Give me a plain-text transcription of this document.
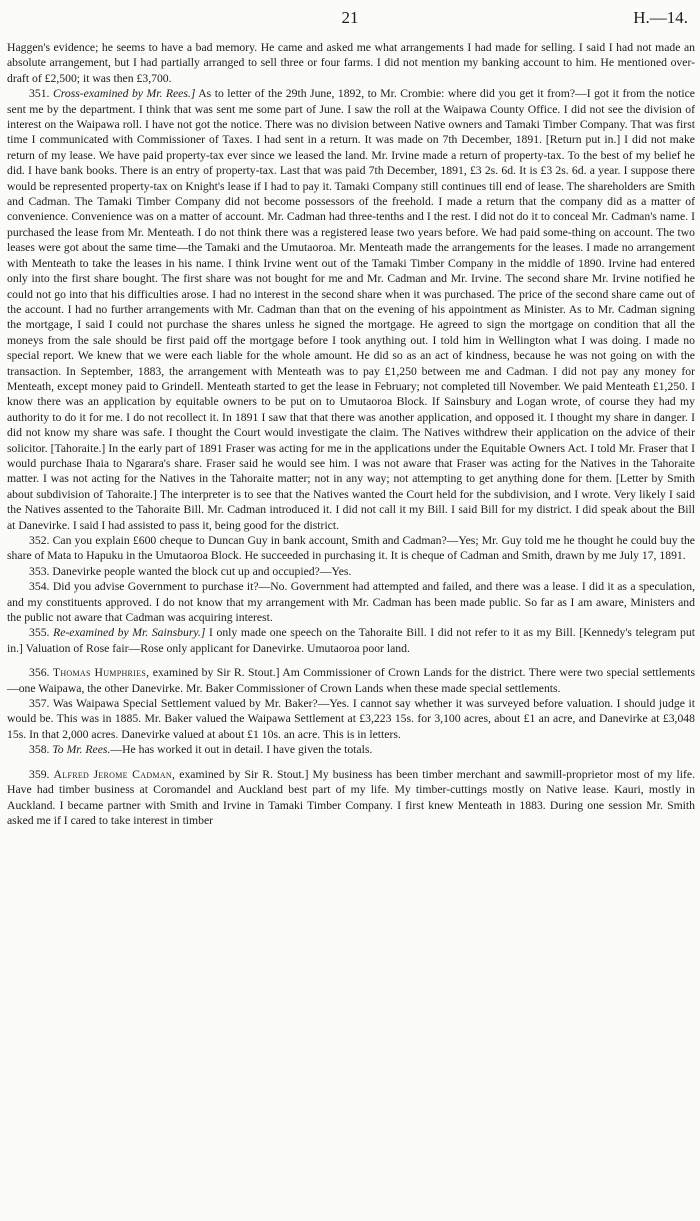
21	H.—14.

Haggen's evidence; he seems to have a bad memory. He came and asked me what arrangements I had made for selling. I said I had not made an absolute arrangement, but I had partially arranged to sell three or four farms. I did not mention my banking account to him. He mentioned over-draft of £2,500; it was then £3,700.

351. Cross-examined by Mr. Rees.] As to letter of the 29th June, 1892, to Mr. Crombie: where did you get it from?—I got it from the notice sent me by the department. I think that was sent me some part of June. I saw the roll at the Waipawa County Office. I did not see the division of interest on the Waipawa roll. I have not got the notice. There was no division between Native owners and Tamaki Timber Company. That was first time I communicated with Commissioner of Taxes. I had sent in a return. It was made on 7th December, 1891. [Return put in.] I did not make return of my lease. We have paid property-tax ever since we leased the land. Mr. Irvine made a return of property-tax. To the best of my belief he did. I have bank books. There is an entry of property-tax. Last that was paid 7th December, 1891, £3 2s. 6d. It is £3 2s. 6d. a year. I suppose there would be represented property-tax on Knight's lease if I had to pay it. Tamaki Company still continues till end of lease. The shareholders are Smith and Cadman. The Tamaki Timber Company did not become possessors of the freehold. I made a return that the company did as a matter of convenience. Convenience was on a matter of account. Mr. Cadman had three-tenths and I the rest. I did not do it to conceal Mr. Cadman's name. I purchased the lease from Mr. Menteath. I do not think there was a registered lease two years before. We had paid some-thing on account. The two leases were got about the same time—the Tamaki and the Umutaoroa. Mr. Menteath made the arrangements for the leases. I made no arrangement with Menteath to take the leases in his name. I think Irvine went out of the Tamaki Timber Company in the middle of 1890. Irvine had entered only into the first share bought. The first share was not bought for me and Mr. Cadman and Mr. Irvine. The second share Mr. Irvine notified he could not go into that his difficulties arose. I had no interest in the second share when it was purchased. The price of the second share came out of the account. I had no further arrangements with Mr. Cadman than that on the evening of his appointment as Minister. As to Mr. Cadman signing the mortgage, I said I could not purchase the shares unless he signed the mortgage. He agreed to sign the mortgage on condition that all the moneys from the sale should be first paid off the mortgage before I took anything out. I told him in Wellington what I was doing. I made no special report. We knew that we were each liable for the whole amount. He did so as an act of kindness, because he was not going on with the transaction. In September, 1883, the arrangement with Menteath was to pay £1,250 between me and Cadman. I did not pay any money for Menteath, except money paid to Grindell. Menteath started to get the lease in February; not completed till November. We paid Menteath £1,250. I know there was an application by equitable owners to be put on to Umutaoroa Block. If Sainsbury and Logan wrote, of course they had my authority to do it for me. I do not recollect it. In 1891 I saw that that there was another application, and opposed it. I thought my share in danger. I did not know my share was safe. I thought the Court would investigate the claim. The Natives withdrew their application on the advice of their solicitor. [Tahoraite.] In the early part of 1891 Fraser was acting for me in the applications under the Equitable Owners Act. I told Mr. Fraser that I would purchase Ihaia to Ngarara's share. Fraser said he would see him. I was not aware that Fraser was acting for the Natives in the Tahoraite matter. I was not acting for the Natives in the Tahoraite matter; not in any way; not attempting to get anything done for them. [Letter by Smith about subdivision of Tahoraite.] The interpreter is to see that the Natives wanted the Court held for the subdivision, and I wrote. Very likely I said the Natives assented to the Tahoraite Bill. Mr. Cadman introduced it. I did not call it my Bill. I said Bill for my district. I did speak about the Bill at Danevirke. I said I had assisted to pass it, being good for the district.

352. Can you explain £600 cheque to Duncan Guy in bank account, Smith and Cadman?—Yes; Mr. Guy told me he thought he could buy the share of Mata to Hapuku in the Umutaoroa Block. He succeeded in purchasing it. It is cheque of Cadman and Smith, drawn by me July 17, 1891.

353. Danevirke people wanted the block cut up and occupied?—Yes.

354. Did you advise Government to purchase it?—No. Government had attempted and failed, and there was a lease. I did it as a speculation, and my constituents approved. I do not know that my arrangement with Mr. Cadman has been made public. So far as I am aware, Ministers and the public not aware that Cadman was acquiring interest.

355. Re-examined by Mr. Sainsbury.] I only made one speech on the Tahoraite Bill. I did not refer to it as my Bill. [Kennedy's telegram put in.] Valuation of Rose fair—Rose only applicant for Danevirke. Umutaoroa poor land.

356. Thomas Humphries, examined by Sir R. Stout.] Am Commissioner of Crown Lands for the district. There were two special settlements—one Waipawa, the other Danevirke. Mr. Baker Commissioner of Crown Lands when these made special settlements.

357. Was Waipawa Special Settlement valued by Mr. Baker?—Yes. I cannot say whether it was surveyed before valuation. I should judge it would be. This was in 1885. Mr. Baker valued the Waipawa Settlement at £3,223 15s. for 3,100 acres, about £1 an acre, and Danevirke at £3,048 15s. In that 2,000 acres. Danevirke valued at about £1 10s. an acre. This is in letters.

358. To Mr. Rees.—He has worked it out in detail. I have given the totals.

359. Alfred Jerome Cadman, examined by Sir R. Stout.] My business has been timber merchant and sawmill-proprietor most of my life. Have had timber business at Coromandel and Auckland best part of my life. My timber-cuttings mostly on Native lease. Kauri, mostly in Auckland. I became partner with Smith and Irvine in Tamaki Timber Company. I first knew Menteath in 1883. During one session Mr. Smith asked me if I cared to take interest in timber
